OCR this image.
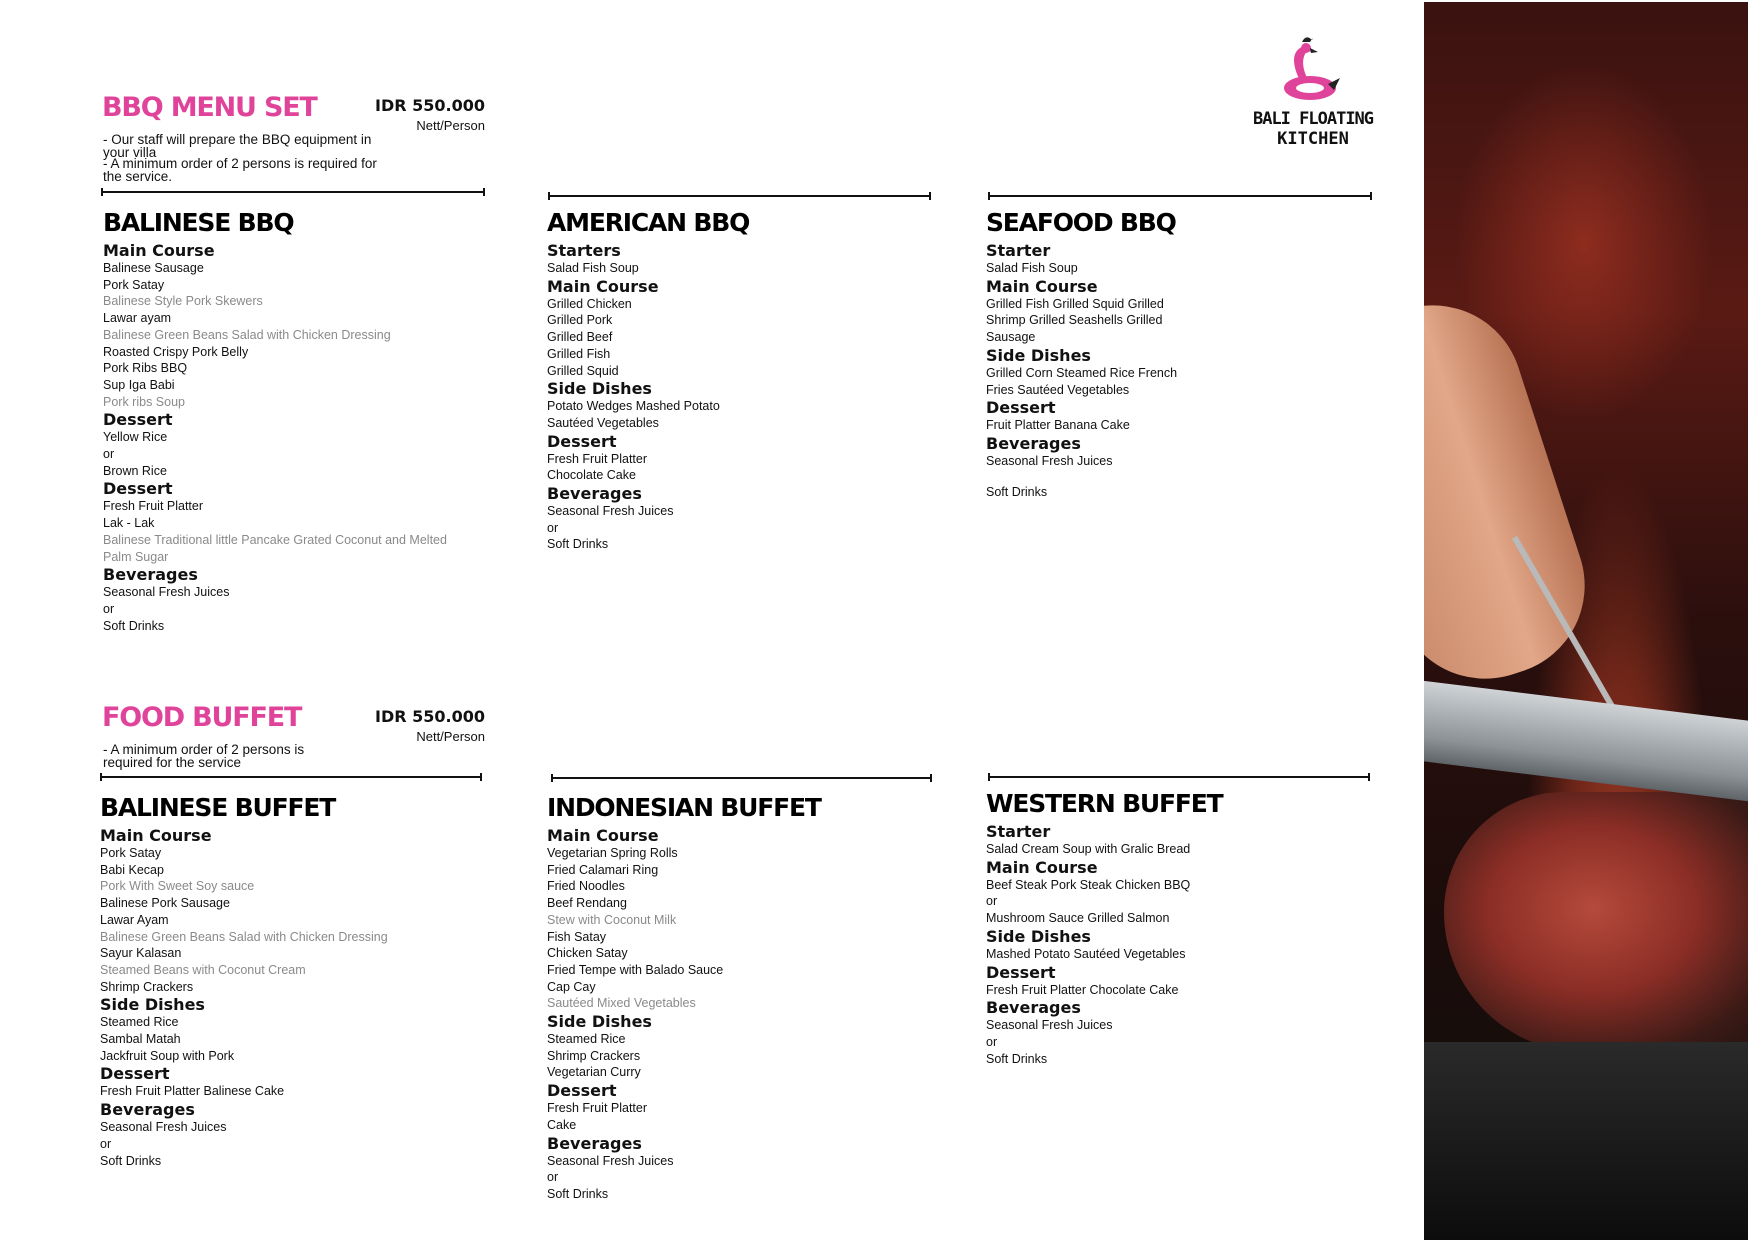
BBQ MENU SET	IDR 550.000
Nett/Person
- Our staff will prepare the BBQ equipment in your villa
- A minimum order of 2 persons is required for the service.
FOOD BUFFET	IDR 550.000
Nett/Person
- A minimum order of 2 persons is required for the service
BALINESE BBQ
Main Course
Balinese Sausage
Pork Satay
Balinese Style Pork Skewers
Lawar ayam
Balinese Green Beans Salad with Chicken Dressing
Roasted Crispy Pork Belly
Pork Ribs BBQ
Sup Iga Babi
Pork ribs Soup
Dessert
Yellow Rice
or
Brown Rice
Dessert
Fresh Fruit Platter
Lak - Lak
Balinese Traditional little Pancake Grated Coconut and Melted Palm Sugar
Beverages
Seasonal Fresh Juices
or
Soft Drinks
AMERICAN BBQ
Starters
Salad Fish Soup
Main Course
Grilled Chicken
Grilled Pork
Grilled Beef
Grilled Fish
Grilled Squid
Side Dishes
Potato Wedges Mashed Potato
Sautéed Vegetables
Dessert
Fresh Fruit Platter
Chocolate Cake
Beverages
Seasonal Fresh Juices
or
Soft Drinks
SEAFOOD BBQ
Starter
Salad Fish Soup
Main Course
Grilled Fish Grilled Squid Grilled
Shrimp Grilled Seashells Grilled
Sausage
Side Dishes
Grilled Corn Steamed Rice French
Fries Sautéed Vegetables
Dessert
Fruit Platter Banana Cake
Beverages
Seasonal Fresh Juices
Soft Drinks
BALINESE BUFFET
Main Course
Pork Satay
Babi Kecap
Pork With Sweet Soy sauce
Balinese Pork Sausage
Lawar Ayam
Balinese Green Beans Salad with Chicken Dressing
Sayur Kalasan
Steamed Beans with Coconut Cream
Shrimp Crackers
Side Dishes
Steamed Rice
Sambal Matah
Jackfruit Soup with Pork
Dessert
Fresh Fruit Platter Balinese Cake
Beverages
Seasonal Fresh Juices
or
Soft Drinks
INDONESIAN BUFFET
Main Course
Vegetarian Spring Rolls
Fried Calamari Ring
Fried Noodles
Beef Rendang
Stew with Coconut Milk
Fish Satay
Chicken Satay
Fried Tempe with Balado Sauce
Cap Cay
Sautéed Mixed Vegetables
Side Dishes
Steamed Rice
Shrimp Crackers
Vegetarian Curry
Dessert
Fresh Fruit Platter
Cake
Beverages
Seasonal Fresh Juices
or
Soft Drinks
WESTERN BUFFET
Starter
Salad Cream Soup with Gralic Bread
Main Course
Beef Steak Pork Steak Chicken BBQ
or
Mushroom Sauce Grilled Salmon
Side Dishes
Mashed Potato Sautéed Vegetables
Dessert
Fresh Fruit Platter Chocolate Cake
Beverages
Seasonal Fresh Juices
or
Soft Drinks
BALI FLOATING
KITCHEN
